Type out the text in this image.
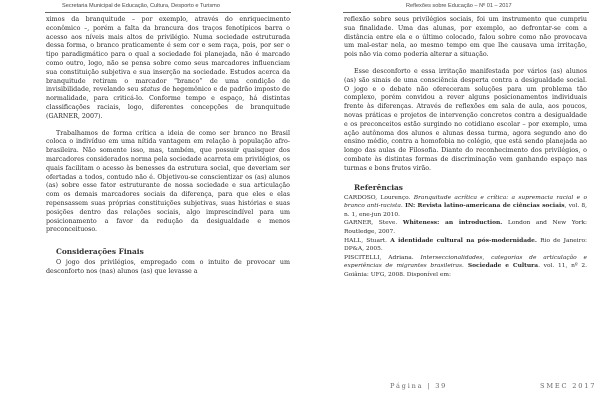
Secretaria Municipal de Educação, Cultura, Desporto e Turismo	Reflexões sobre Educação – Nº 01 – 2017

ximos da branquitude – por exemplo, através do enriquecimento econômico –, porém a falta da brancura dos traços fenotípicos barra o acesso aos níveis mais altos de privilégio. Numa sociedade estruturada dessa forma, o branco praticamente é sem cor e sem raça, pois, por ser o tipo paradigmático para o qual a sociedade foi planejada, não é marcado como outro, logo, não se pensa sobre como seus marcadores influenciam sua constituição subjetiva e sua inserção na sociedade. Estudos acerca da branquitude retiram o marcador “branco” de uma condição de invisibilidade, revelando seu status de hegemônico e de padrão imposto de normalidade, para criticá-lo. Conforme tempo e espaço, há distintas classificações raciais, logo, diferentes concepções de branquitude (GARNER, 2007).

Trabalhamos de forma crítica a ideia de como ser branco no Brasil coloca o indivíduo em uma nítida vantagem em relação à população afro-brasileira. Não somente isso, mas, também, que possuir quaisquer dos marcadores considerados norma pela sociedade acarreta em privilégios, os quais facilitam o acesso às benesses da estrutura social, que deveriam ser ofertadas a todos, contudo não é. Objetivou-se conscientizar os (as) alunos (as) sobre esse fator estruturante de nossa sociedade e sua articulação com os demais marcadores sociais da diferença, para que eles e elas repensassem suas próprias constituições subjetivas, suas histórias e suas posições dentro das relações sociais, algo imprescindível para um posicionamento a favor da redução da desigualdade e menos preconceituoso.

Considerações Finais

O jogo dos privilégios, empregado com o intuito de provocar um desconforto nos (nas) alunos (as) que levasse a

reflexão sobre seus privilégios sociais, foi um instrumento que cumpriu sua finalidade. Uma das alunas, por exemplo, ao defrontar-se com a distância entre ela e o último colocado, falou sobre como não provocava um mal-estar nela, ao mesmo tempo em que lhe causava uma irritação, pois não via como poderia alterar a situação.

Esse desconforto e essa irritação manifestada por vários (as) alunos (as) são sinais de uma consciência desperta contra a desigualdade social. O jogo e o debate não ofereceram soluções para um problema tão complexo, porém convidou a rever alguns posicionamentos individuais frente às diferenças. Através de reflexões em sala de aula, aos poucos, novas práticas e projetos de intervenção concretos contra a desigualdade e os preconceitos estão surgindo no cotidiano escolar – por exemplo, uma ação autônoma dos alunos e alunas dessa turma, agora segundo ano do ensino médio, contra a homofobia no colégio, que está sendo planejada ao longo das aulas de Filosofia. Diante do reconhecimento dos privilégios, o combate às distintas formas de discriminação vem ganhando espaço nas turmas e bons frutos virão.

Referências

CARDOSO, Lourenço. Branquitude acrítica e crítica: a supremacia racial e o branco anti-racista. IN: Revista latino-americana de ciências sociais, vol. 8, n. 1, ene-jun 2010.

GARNER, Steve. Whiteness: an introduction. London and New York: Routledge, 2007.

HALL, Stuart. A identidade cultural na pós-modernidade. Rio de Janeiro: DP&A, 2005.

PISCITELLI, Adriana. Interseccionalidades, categorias de articulação e experiências de migrantes brasileiras. Sociedade e Cultura. vol. 11, nº 2. Goiânia: UFG, 2008. Disponível em:

Página | 39	SMEC 2017
